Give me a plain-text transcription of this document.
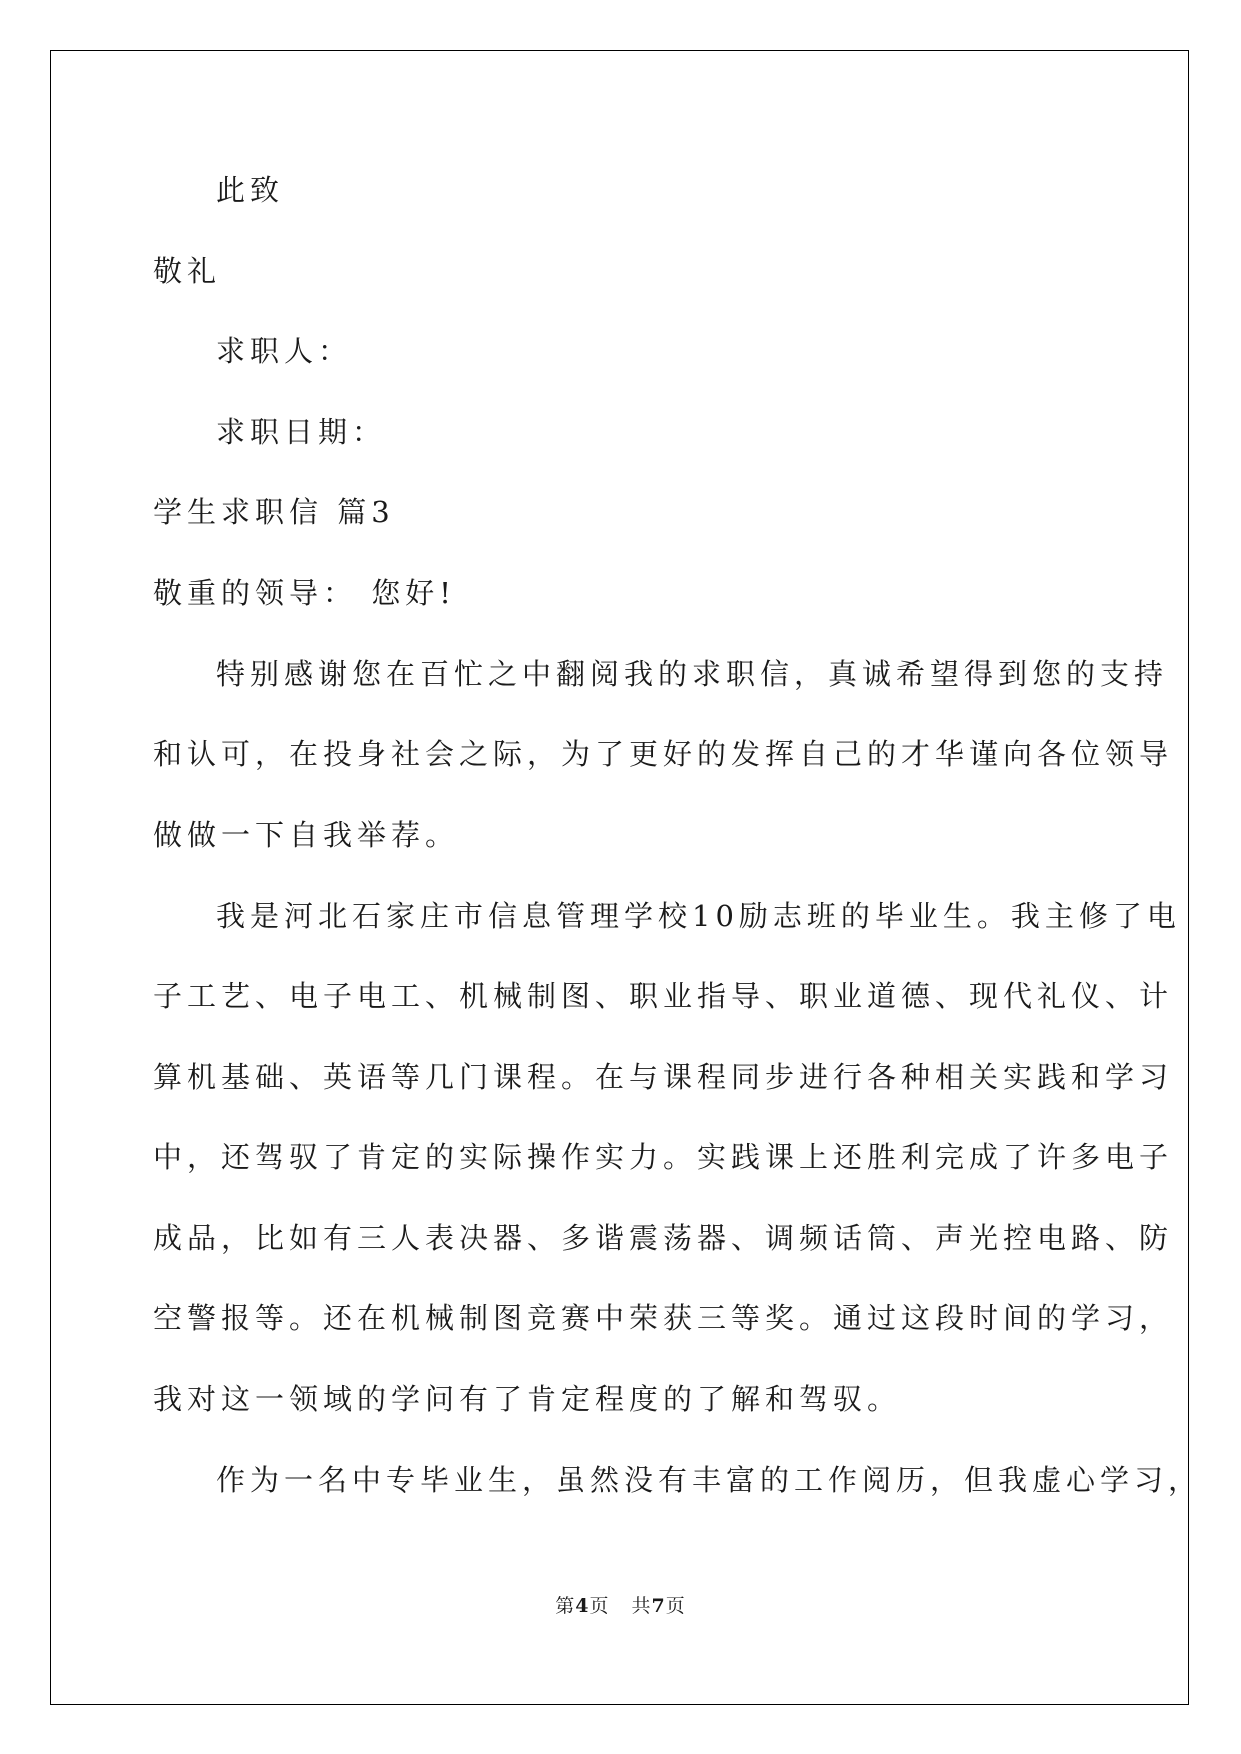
此致
敬礼
求职人：
求职日期：
学生求职信 篇3
敬重的领导： 您好!
特别感谢您在百忙之中翻阅我的求职信，真诚希望得到您的支持
和认可，在投身社会之际，为了更好的发挥自己的才华谨向各位领导
做做一下自我举荐。
我是河北石家庄市信息管理学校10励志班的毕业生。我主修了电
子工艺、电子电工、机械制图、职业指导、职业道德、现代礼仪、计
算机基础、英语等几门课程。在与课程同步进行各种相关实践和学习
中，还驾驭了肯定的实际操作实力。实践课上还胜利完成了许多电子
成品，比如有三人表决器、多谐震荡器、调频话筒、声光控电路、防
空警报等。还在机械制图竞赛中荣获三等奖。通过这段时间的学习，
我对这一领域的学问有了肯定程度的了解和驾驭。
作为一名中专毕业生，虽然没有丰富的工作阅历，但我虚心学习，
第4页 共7页
